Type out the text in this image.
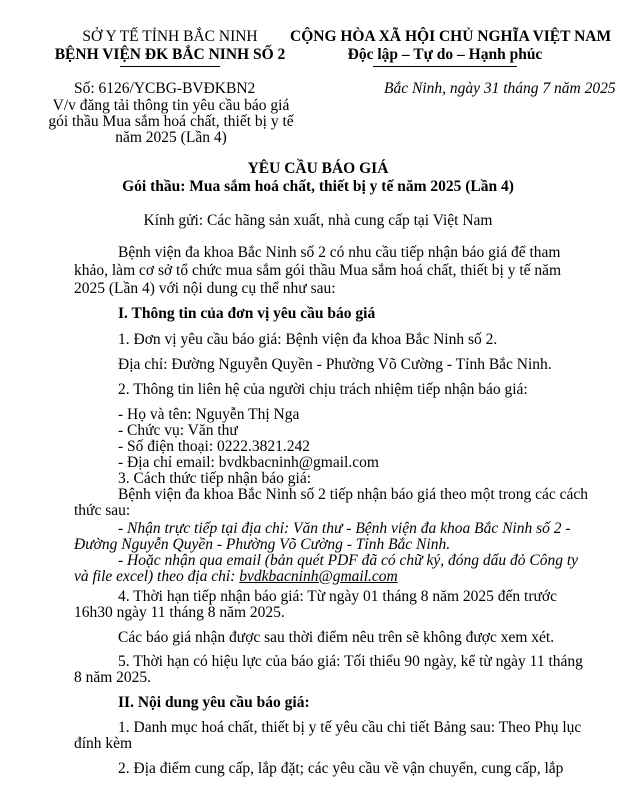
SỞ Y TẾ TỈNH BẮC NINH
BỆNH VIỆN ĐK BẮC NINH SỐ 2
CỘNG HÒA XÃ HỘI CHỦ NGHĨA VIỆT NAM
Độc lập – Tự do – Hạnh phúc
Số: 6126/YCBG-BVĐKBN2
V/v đăng tải thông tin yêu cầu báo giá
gói thầu Mua sắm hoá chất, thiết bị y tế
năm 2025 (Lần 4)
Bắc Ninh, ngày 31 tháng 7 năm 2025
YÊU CẦU BÁO GIÁ
Gói thầu: Mua sắm hoá chất, thiết bị y tế năm 2025 (Lần 4)
Kính gửi: Các hãng sản xuất, nhà cung cấp tại Việt Nam
Bệnh viện đa khoa Bắc Ninh số 2 có nhu cầu tiếp nhận báo giá để tham
khảo, làm cơ sở tổ chức mua sắm gói thầu Mua sắm hoá chất, thiết bị y tế năm
2025 (Lần 4) với nội dung cụ thể như sau:
I. Thông tin của đơn vị yêu cầu báo giá
1. Đơn vị yêu cầu báo giá: Bệnh viện đa khoa Bắc Ninh số 2.
Địa chỉ: Đường Nguyễn Quyền - Phường Võ Cường - Tỉnh Bắc Ninh.
2. Thông tin liên hệ của người chịu trách nhiệm tiếp nhận báo giá:
- Họ và tên: Nguyễn Thị Nga
- Chức vụ: Văn thư
- Số điện thoại: 0222.3821.242
- Địa chỉ email: bvdkbacninh@gmail.com
3. Cách thức tiếp nhận báo giá:
Bệnh viện đa khoa Bắc Ninh số 2 tiếp nhận báo giá theo một trong các cách
thức sau:
- Nhận trực tiếp tại địa chỉ: Văn thư - Bệnh viện đa khoa Bắc Ninh số 2 -
Đường Nguyễn Quyền - Phường Võ Cường - Tỉnh Bắc Ninh.
- Hoặc nhận qua email (bản quét PDF đã có chữ ký, đóng dấu đỏ Công ty
và file excel) theo địa chỉ: bvdkbacninh@gmail.com
4. Thời hạn tiếp nhận báo giá: Từ ngày 01 tháng 8 năm 2025 đến trước
16h30 ngày 11 tháng 8 năm 2025.
Các báo giá nhận được sau thời điểm nêu trên sẽ không được xem xét.
5. Thời hạn có hiệu lực của báo giá: Tối thiểu 90 ngày, kể từ ngày 11 tháng
8 năm 2025.
II. Nội dung yêu cầu báo giá:
1. Danh mục hoá chất, thiết bị y tế yêu cầu chi tiết Bảng sau: Theo Phụ lục
đính kèm
2. Địa điểm cung cấp, lắp đặt; các yêu cầu về vận chuyển, cung cấp, lắp
